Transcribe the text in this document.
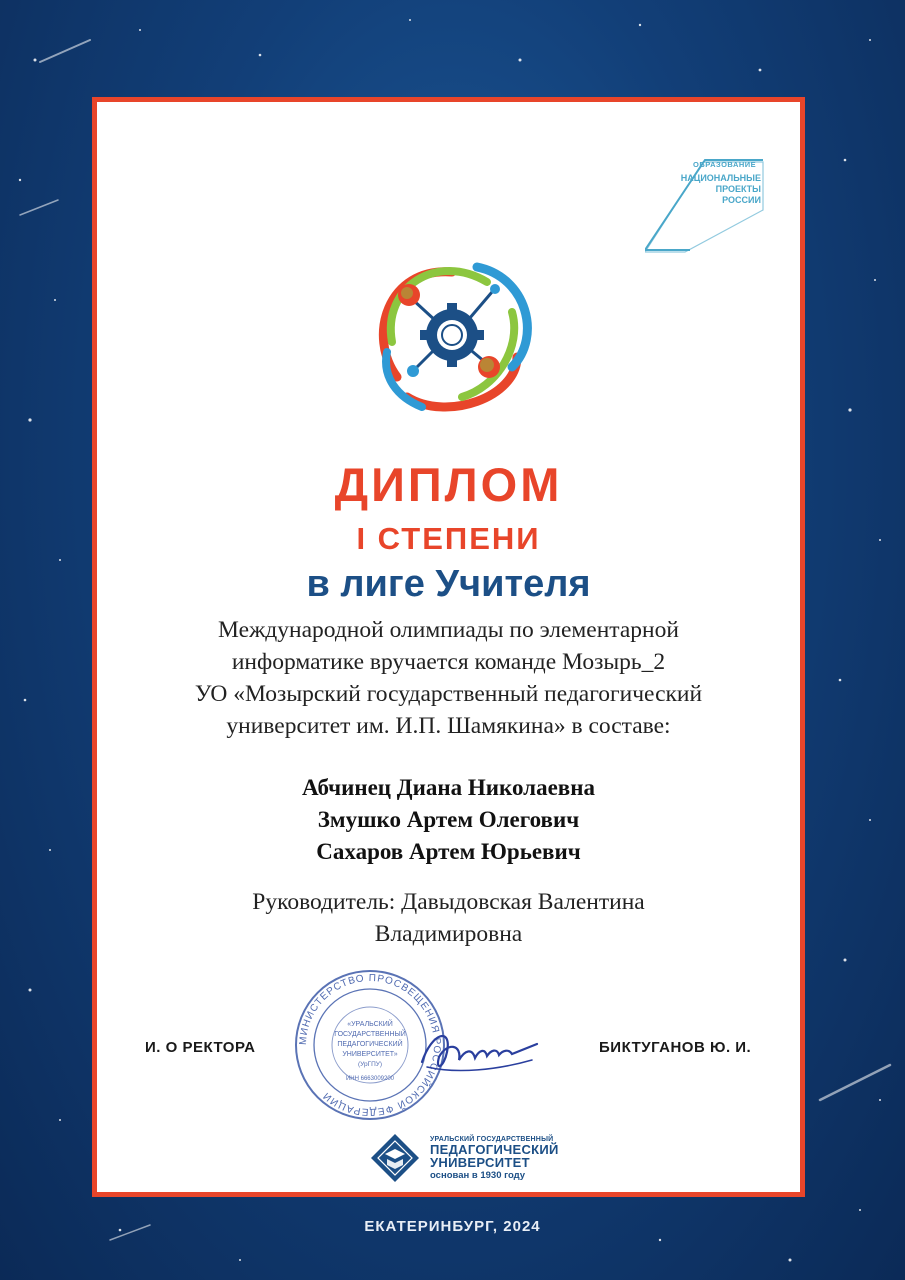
ОБРАЗОВАНИЕ
НАЦИОНАЛЬНЫЕ
ПРОЕКТЫ
РОССИИ
ДИПЛОМ
I СТЕПЕНИ
в лиге Учителя
Международной олимпиады по элементарной
информатике вручается команде Мозырь_2
УО «Мозырский государственный педагогический
университет им. И.П. Шамякина» в составе:
Абчинец Диана Николаевна
Змушко Артем Олегович
Сахаров Артем Юрьевич
Руководитель: Давыдовская Валентина
Владимировна
И. О РЕКТОРА	БИКТУГАНОВ Ю. И.
МИНИСТЕРСТВО ПРОСВЕЩЕНИЯ РОССИЙСКОЙ ФЕДЕРАЦИИ
«УРАЛЬСКИЙ
ГОСУДАРСТВЕННЫЙ
ПЕДАГОГИЧЕСКИЙ
УНИВЕРСИТЕТ»
(УрГПУ)
ИНН 6663009200
УРАЛЬСКИЙ ГОСУДАРСТВЕННЫЙ
ПЕДАГОГИЧЕСКИЙ
УНИВЕРСИТЕТ
основан в 1930 году
ЕКАТЕРИНБУРГ, 2024
